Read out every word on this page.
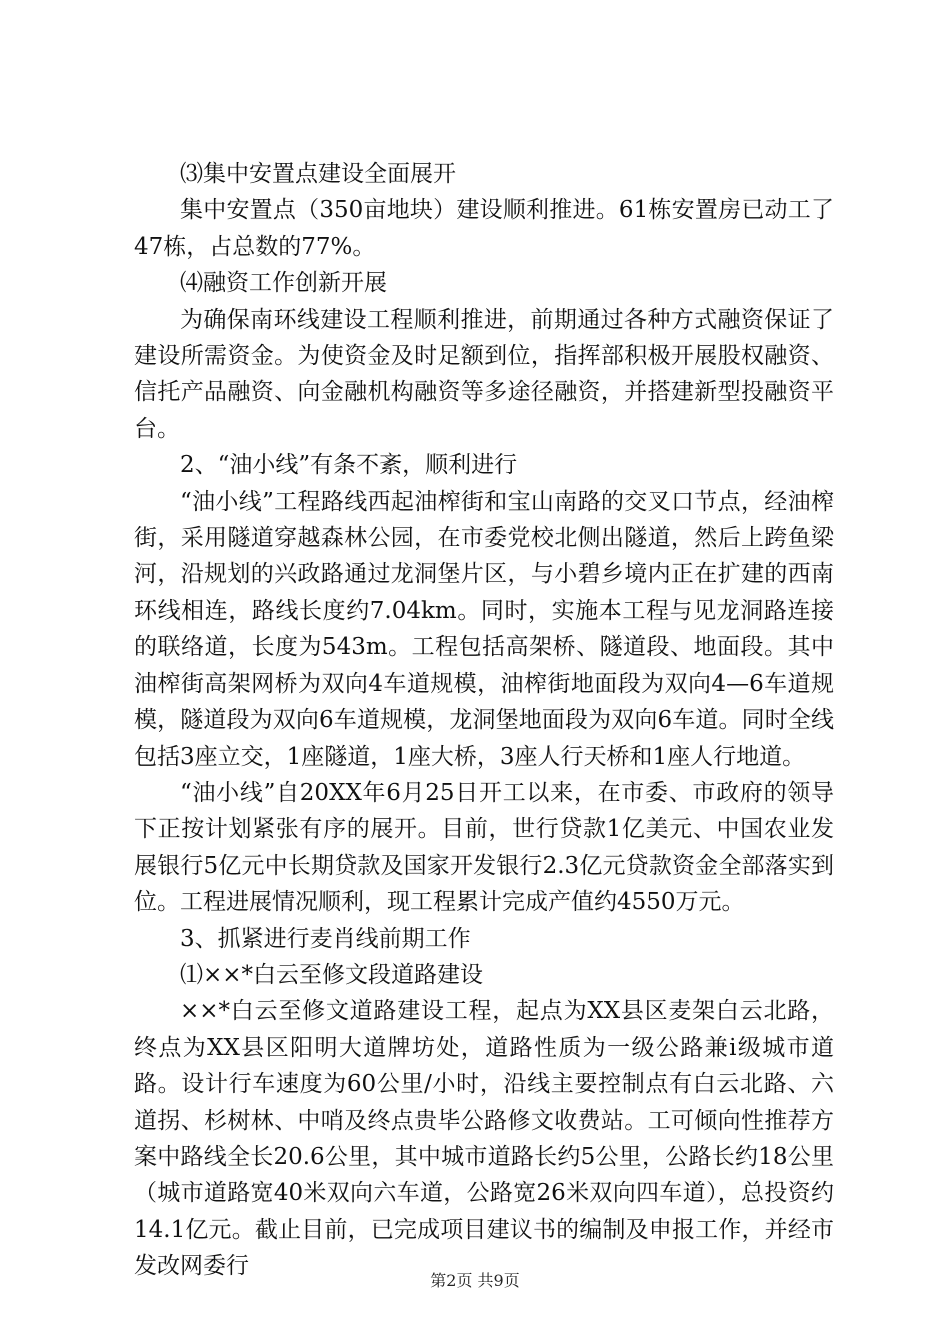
⑶集中安置点建设全面展开

集中安置点（350亩地块）建设顺利推进。61栋安置房已动工了47栋，占总数的77%。

⑷融资工作创新开展

为确保南环线建设工程顺利推进，前期通过各种方式融资保证了建设所需资金。为使资金及时足额到位，指挥部积极开展股权融资、信托产品融资、向金融机构融资等多途径融资，并搭建新型投融资平台。

2、“油小线”有条不紊，顺利进行

“油小线”工程路线西起油榨街和宝山南路的交叉口节点，经油榨街，采用隧道穿越森林公园，在市委党校北侧出隧道，然后上跨鱼梁河，沿规划的兴政路通过龙洞堡片区，与小碧乡境内正在扩建的西南环线相连，路线长度约7.04km。同时，实施本工程与见龙洞路连接的联络道，长度为543m。工程包括高架桥、隧道段、地面段。其中油榨街高架网桥为双向4车道规模，油榨街地面段为双向4—6车道规模，隧道段为双向6车道规模，龙洞堡地面段为双向6车道。同时全线包括3座立交，1座隧道，1座大桥，3座人行天桥和1座人行地道。

“油小线”自20XX年6月25日开工以来，在市委、市政府的领导下正按计划紧张有序的展开。目前，世行贷款1亿美元、中国农业发展银行5亿元中长期贷款及国家开发银行2.3亿元贷款资金全部落实到位。工程进展情况顺利，现工程累计完成产值约4550万元。

3、抓紧进行麦肖线前期工作

⑴××*白云至修文段道路建设

××*白云至修文道路建设工程，起点为XX县区麦架白云北路，终点为XX县区阳明大道牌坊处，道路性质为一级公路兼ⅰ级城市道路。设计行车速度为60公里/小时，沿线主要控制点有白云北路、六道拐、杉树林、中哨及终点贵毕公路修文收费站。工可倾向性推荐方案中路线全长20.6公里，其中城市道路长约5公里，公路长约18公里（城市道路宽40米双向六车道，公路宽26米双向四车道），总投资约14.1亿元。截止目前，已完成项目建议书的编制及申报工作，并经市发改网委行

第2页 共9页
